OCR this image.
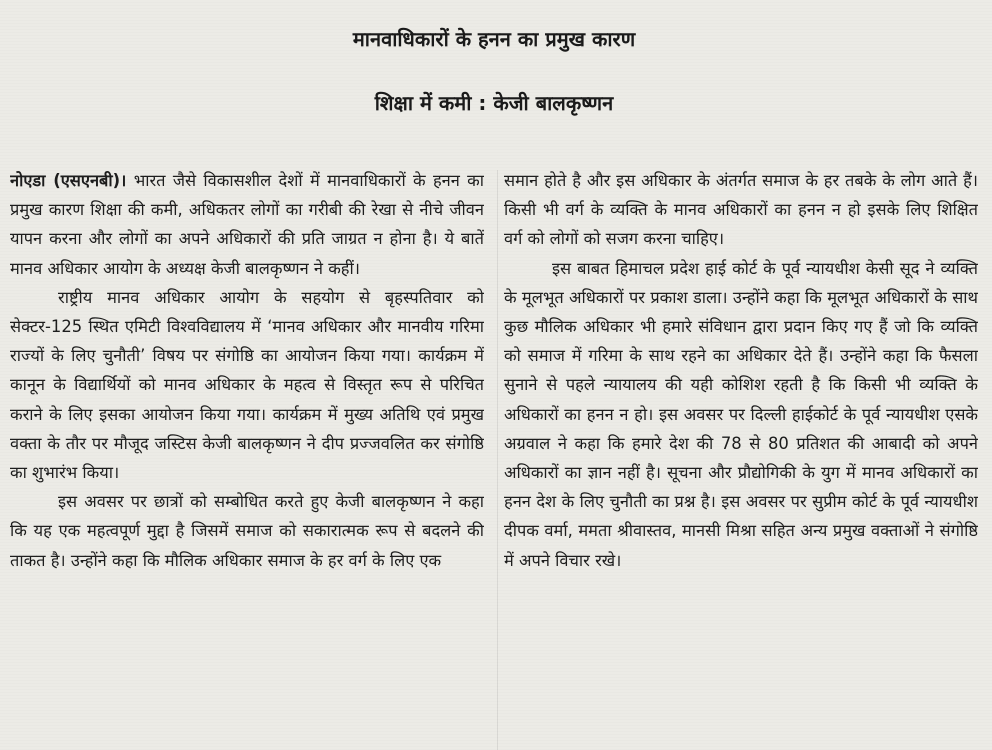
मानवाधिकारों के हनन का प्रमुख कारण
शिक्षा में कमी : केजी बालकृष्णन

नोएडा (एसएनबी)। भारत जैसे विकासशील देशों में मानवाधिकारों के हनन का प्रमुख कारण शिक्षा की कमी, अधिकतर लोगों का गरीबी की रेखा से नीचे जीवन यापन करना और लोगों का अपने अधिकारों की प्रति जाग्रत न होना है। ये बातें मानव अधिकार आयोग के अध्यक्ष केजी बालकृष्णन ने कहीं।

राष्ट्रीय मानव अधिकार आयोग के सहयोग से बृहस्पतिवार को सेक्टर-125 स्थित एमिटी विश्वविद्यालय में ‘मानव अधिकार और मानवीय गरिमा राज्यों के लिए चुनौती’ विषय पर संगोष्ठि का आयोजन किया गया। कार्यक्रम में कानून के विद्यार्थियों को मानव अधिकार के महत्व से विस्तृत रूप से परिचित कराने के लिए इसका आयोजन किया गया। कार्यक्रम में मुख्य अतिथि एवं प्रमुख वक्ता के तौर पर मौजूद जस्टिस केजी बालकृष्णन ने दीप प्रज्जवलित कर संगोष्ठि का शुभारंभ किया।

इस अवसर पर छात्रों को सम्बोधित करते हुए केजी बालकृष्णन ने कहा कि यह एक महत्वपूर्ण मुद्दा है जिसमें समाज को सकारात्मक रूप से बदलने की ताकत है। उन्होंने कहा कि मौलिक अधिकार समाज के हर वर्ग के लिए एक

समान होते है और इस अधिकार के अंतर्गत समाज के हर तबके के लोग आते हैं। किसी भी वर्ग के व्यक्ति के मानव अधिकारों का हनन न हो इसके लिए शिक्षित वर्ग को लोगों को सजग करना चाहिए।

इस बाबत हिमाचल प्रदेश हाई कोर्ट के पूर्व न्यायधीश केसी सूद ने व्यक्ति के मूलभूत अधिकारों पर प्रकाश डाला। उन्होंने कहा कि मूलभूत अधिकारों के साथ कुछ मौलिक अधिकार भी हमारे संविधान द्वारा प्रदान किए गए हैं जो कि व्यक्ति को समाज में गरिमा के साथ रहने का अधिकार देते हैं। उन्होंने कहा कि फैसला सुनाने से पहले न्यायालय की यही कोशिश रहती है कि किसी भी व्यक्ति के अधिकारों का हनन न हो। इस अवसर पर दिल्ली हाईकोर्ट के पूर्व न्यायधीश एसके अग्रवाल ने कहा कि हमारे देश की 78 से 80 प्रतिशत की आबादी को अपने अधिकारों का ज्ञान नहीं है। सूचना और प्रौद्योगिकी के युग में मानव अधिकारों का हनन देश के लिए चुनौती का प्रश्न है। इस अवसर पर सुप्रीम कोर्ट के पूर्व न्यायधीश दीपक वर्मा, ममता श्रीवास्तव, मानसी मिश्रा सहित अन्य प्रमुख वक्ताओं ने संगोष्ठि में अपने विचार रखे।
